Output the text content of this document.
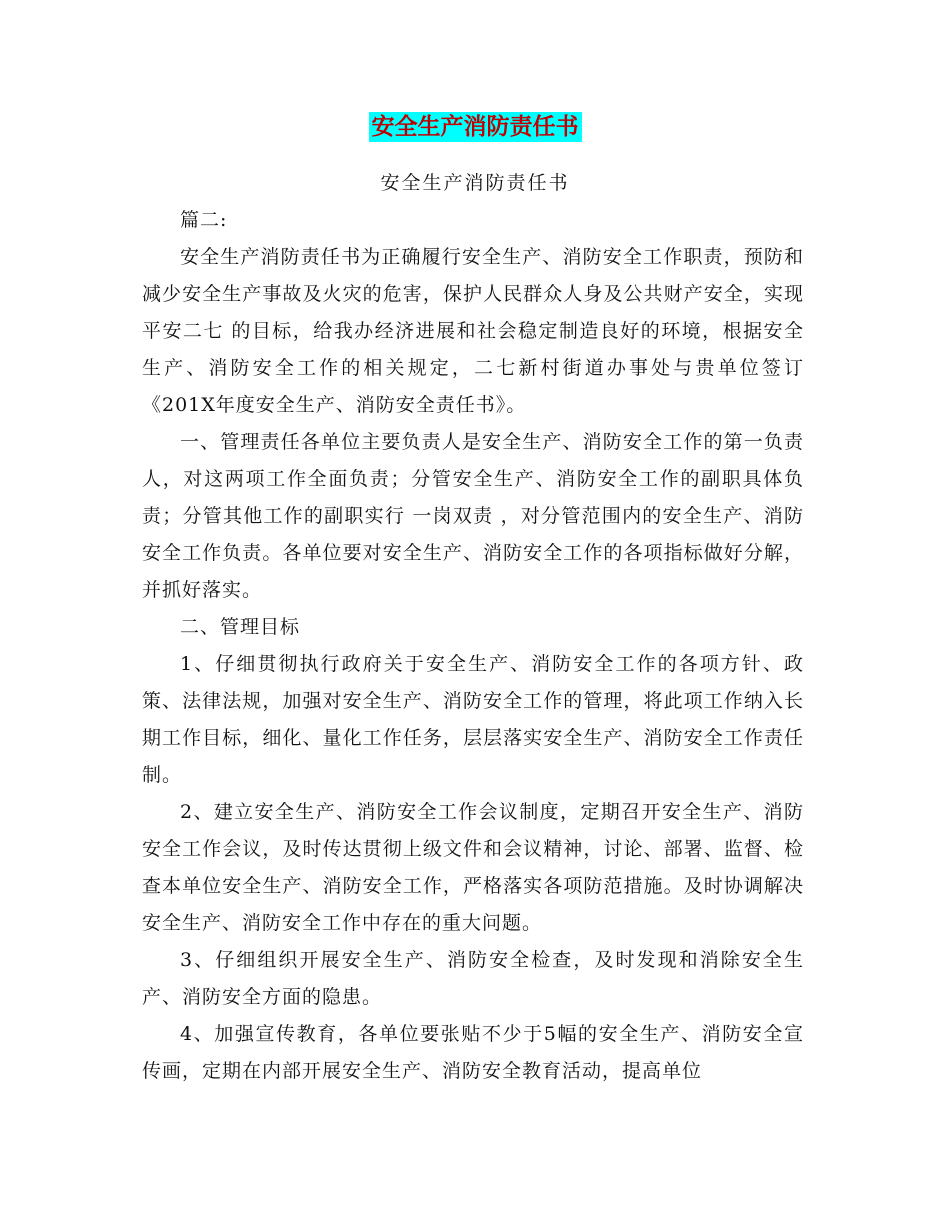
安全生产消防责任书
安全生产消防责任书

篇二:

安全生产消防责任书为正确履行安全生产、消防安全工作职责，预防和减少安全生产事故及火灾的危害，保护人民群众人身及公共财产安全，实现 平安二七 的目标，给我办经济进展和社会稳定制造良好的环境，根据安全生产、消防安全工作的相关规定，二七新村街道办事处与贵单位签订《201X年度安全生产、消防安全责任书》。

一、管理责任各单位主要负责人是安全生产、消防安全工作的第一负责人，对这两项工作全面负责；分管安全生产、消防安全工作的副职具体负责；分管其他工作的副职实行 一岗双责 ，对分管范围内的安全生产、消防安全工作负责。各单位要对安全生产、消防安全工作的各项指标做好分解，并抓好落实。

二、管理目标

1、仔细贯彻执行政府关于安全生产、消防安全工作的各项方针、政策、法律法规，加强对安全生产、消防安全工作的管理，将此项工作纳入长期工作目标，细化、量化工作任务，层层落实安全生产、消防安全工作责任制。

2、建立安全生产、消防安全工作会议制度，定期召开安全生产、消防安全工作会议，及时传达贯彻上级文件和会议精神，讨论、部署、监督、检查本单位安全生产、消防安全工作，严格落实各项防范措施。及时协调解决安全生产、消防安全工作中存在的重大问题。

3、仔细组织开展安全生产、消防安全检查，及时发现和消除安全生产、消防安全方面的隐患。

4、加强宣传教育，各单位要张贴不少于5幅的安全生产、消防安全宣传画，定期在内部开展安全生产、消防安全教育活动，提高单位
